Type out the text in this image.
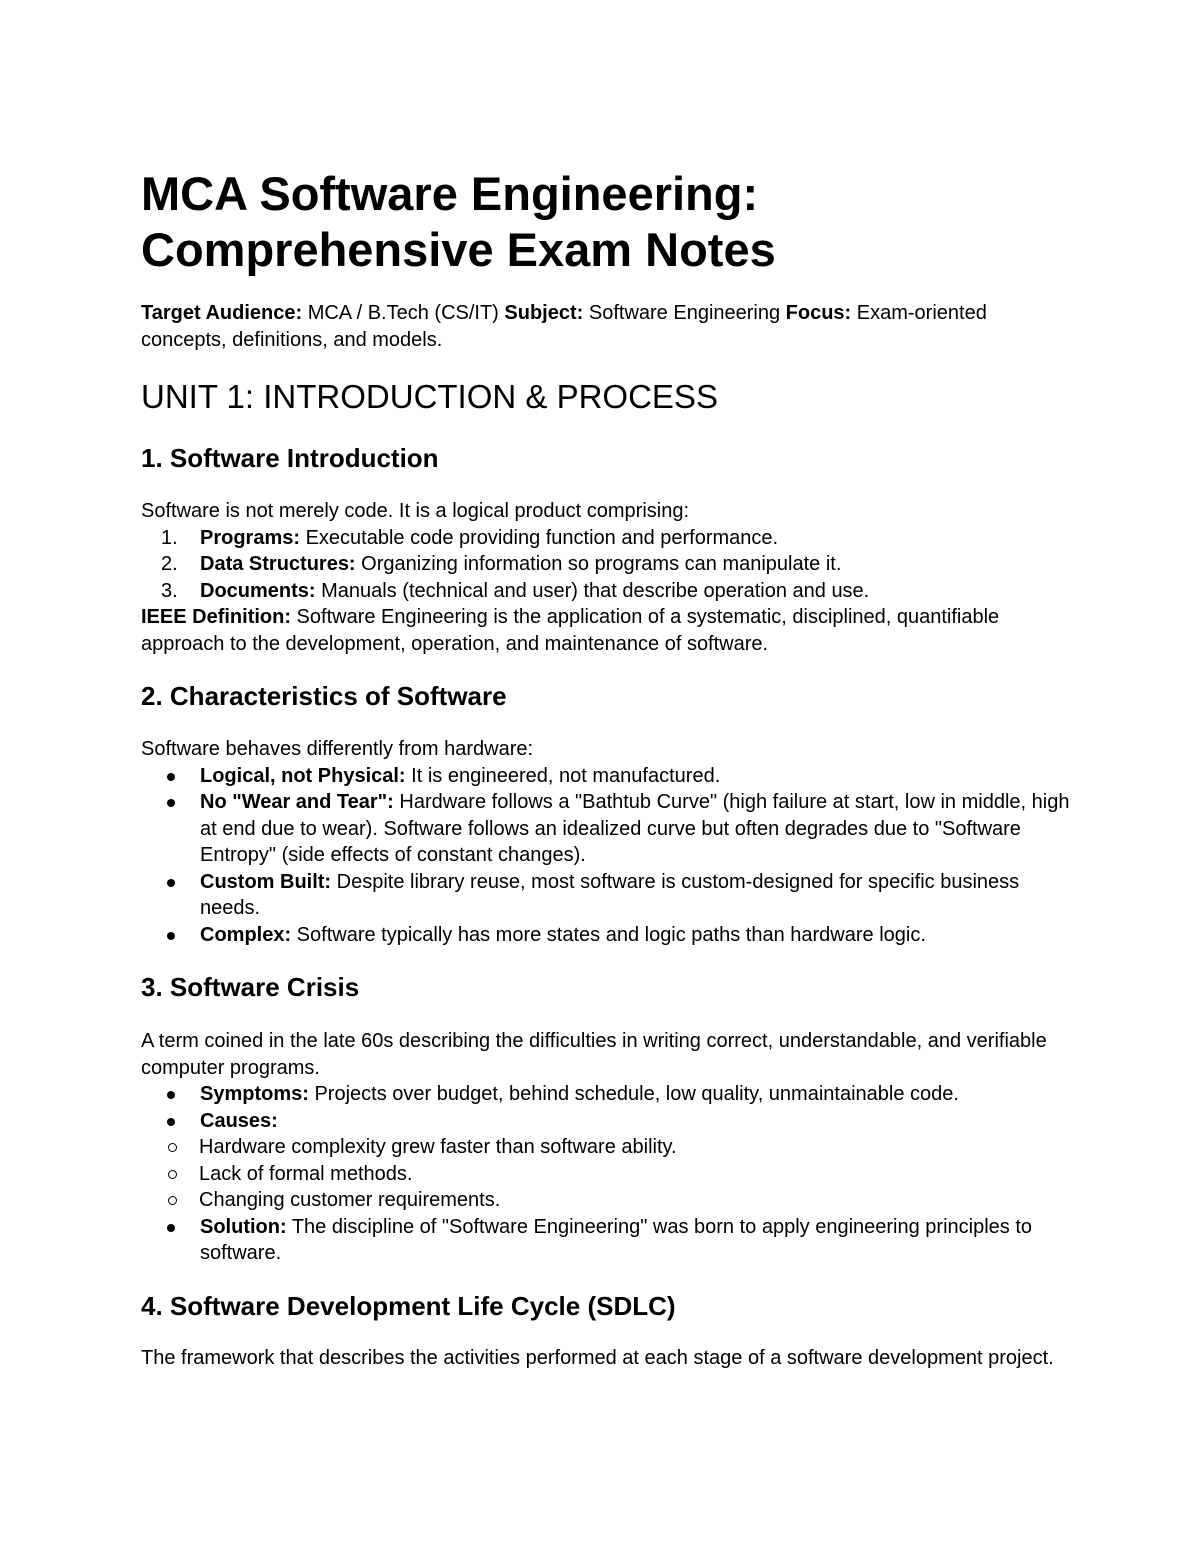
MCA Software Engineering:
Comprehensive Exam Notes

Target Audience: MCA / B.Tech (CS/IT) Subject: Software Engineering Focus: Exam-oriented concepts, definitions, and models.

UNIT 1: INTRODUCTION & PROCESS
1. Software Introduction

Software is not merely code. It is a logical product comprising:

1. Programs: Executable code providing function and performance.
2. Data Structures: Organizing information so programs can manipulate it.
3. Documents: Manuals (technical and user) that describe operation and use.

IEEE Definition: Software Engineering is the application of a systematic, disciplined, quantifiable approach to the development, operation, and maintenance of software.

2. Characteristics of Software

Software behaves differently from hardware:

Logical, not Physical: It is engineered, not manufactured.
No "Wear and Tear": Hardware follows a "Bathtub Curve" (high failure at start, low in middle, high at end due to wear). Software follows an idealized curve but often degrades due to "Software Entropy" (side effects of constant changes).
Custom Built: Despite library reuse, most software is custom-designed for specific business needs.
Complex: Software typically has more states and logic paths than hardware logic.
3. Software Crisis

A term coined in the late 60s describing the difficulties in writing correct, understandable, and verifiable computer programs.

Symptoms: Projects over budget, behind schedule, low quality, unmaintainable code.
Causes:
Hardware complexity grew faster than software ability.
Lack of formal methods.
Changing customer requirements.
Solution: The discipline of "Software Engineering" was born to apply engineering principles to software.
4. Software Development Life Cycle (SDLC)

The framework that describes the activities performed at each stage of a software development project.
